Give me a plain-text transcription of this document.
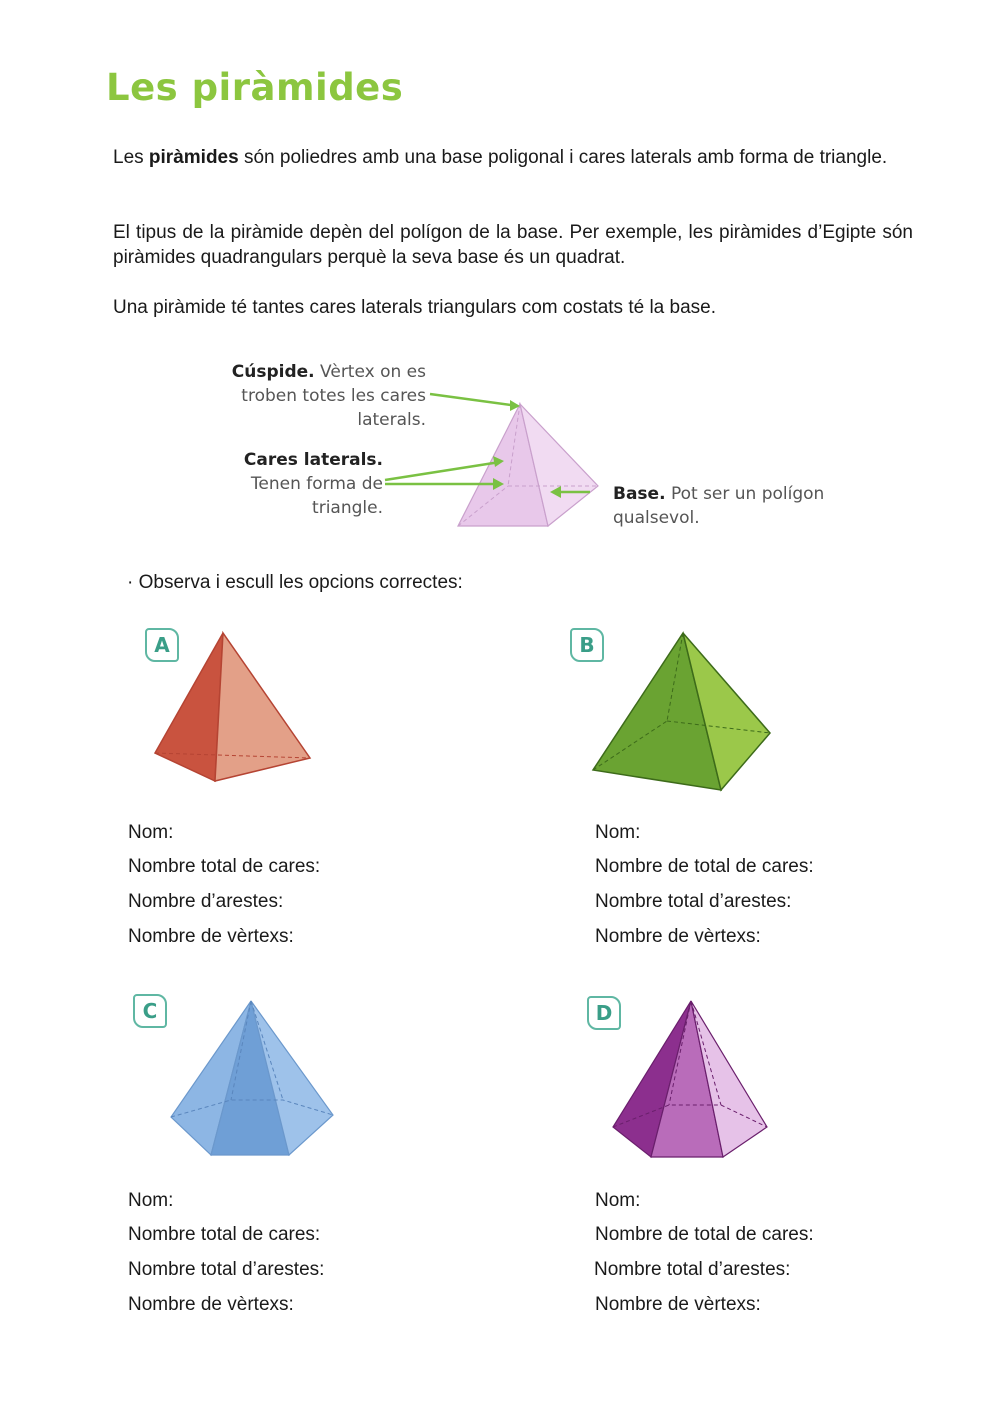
Les piràmides
Les piràmides són poliedres amb una base poligonal i cares laterals amb forma de triangle.
El tipus de la piràmide depèn del polígon de la base. Per exemple, les piràmides d’Egipte són piràmides quadrangulars perquè la seva base és un quadrat.
Una piràmide té tantes cares laterals triangulars com costats té la base.
Cúspide. Vèrtex on es
troben totes les cares
laterals.
Cares laterals.
Tenen forma de
triangle.
Base. Pot ser un polígon
qualsevol.
· Observa i escull les opcions correctes:
A
Nom:
Nombre total de cares:
Nombre d’arestes:
Nombre de vèrtexs:
B
Nom:
Nombre de total de cares:
Nombre total d’arestes:
Nombre de vèrtexs:
C
Nom:
Nombre total de cares:
Nombre total d’arestes:
Nombre de vèrtexs:
D
Nom:
Nombre de total de cares:
Nombre total d’arestes:
Nombre de vèrtexs:
